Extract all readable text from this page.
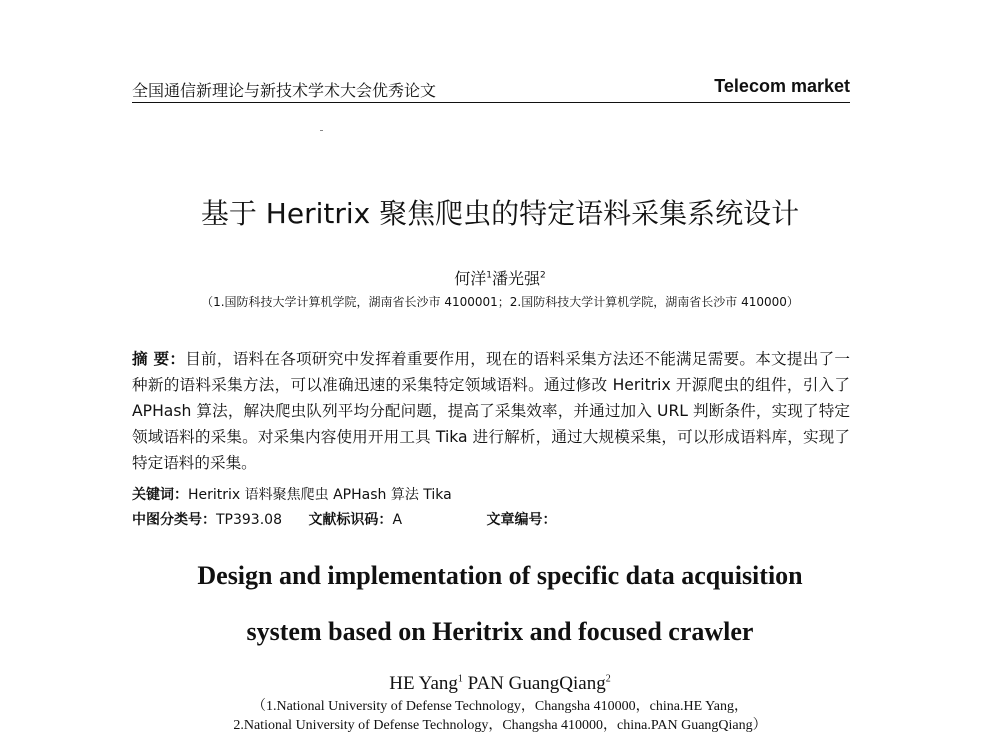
全国通信新理论与新技术学术大会优秀论文	Telecom market
基于 Heritrix 聚焦爬虫的特定语料采集系统设计
何洋$^1$潘光强$^2$
（1.国防科技大学计算机学院，湖南省长沙市 4100001；2.国防科技大学计算机学院，湖南省长沙市 410000）
摘 要：目前，语料在各项研究中发挥着重要作用，现在的语料采集方法还不能满足需要。本文提出了一种新的语料采集方法，可以准确迅速的采集特定领域语料。通过修改 Heritrix 开源爬虫的组件，引入了 APHash 算法，解决爬虫队列平均分配问题，提高了采集效率，并通过加入 URL 判断条件，实现了特定领域语料的采集。对采集内容使用开用工具 Tika 进行解析，通过大规模采集，可以形成语料库，实现了特定语料的采集。
关键词：Heritrix 语料聚焦爬虫 APHash 算法 Tika
中图分类号：TP393.08 文献标识码：A	文章编号：
Design and implementation of specific data acquisition
system based on Heritrix and focused crawler
HE Yang$^1$ PAN GuangQiang$^2$
（1.National University of Defense Technology，Changsha 410000，china.HE Yang，
2.National University of Defense Technology，Changsha 410000，china.PAN GuangQiang）
